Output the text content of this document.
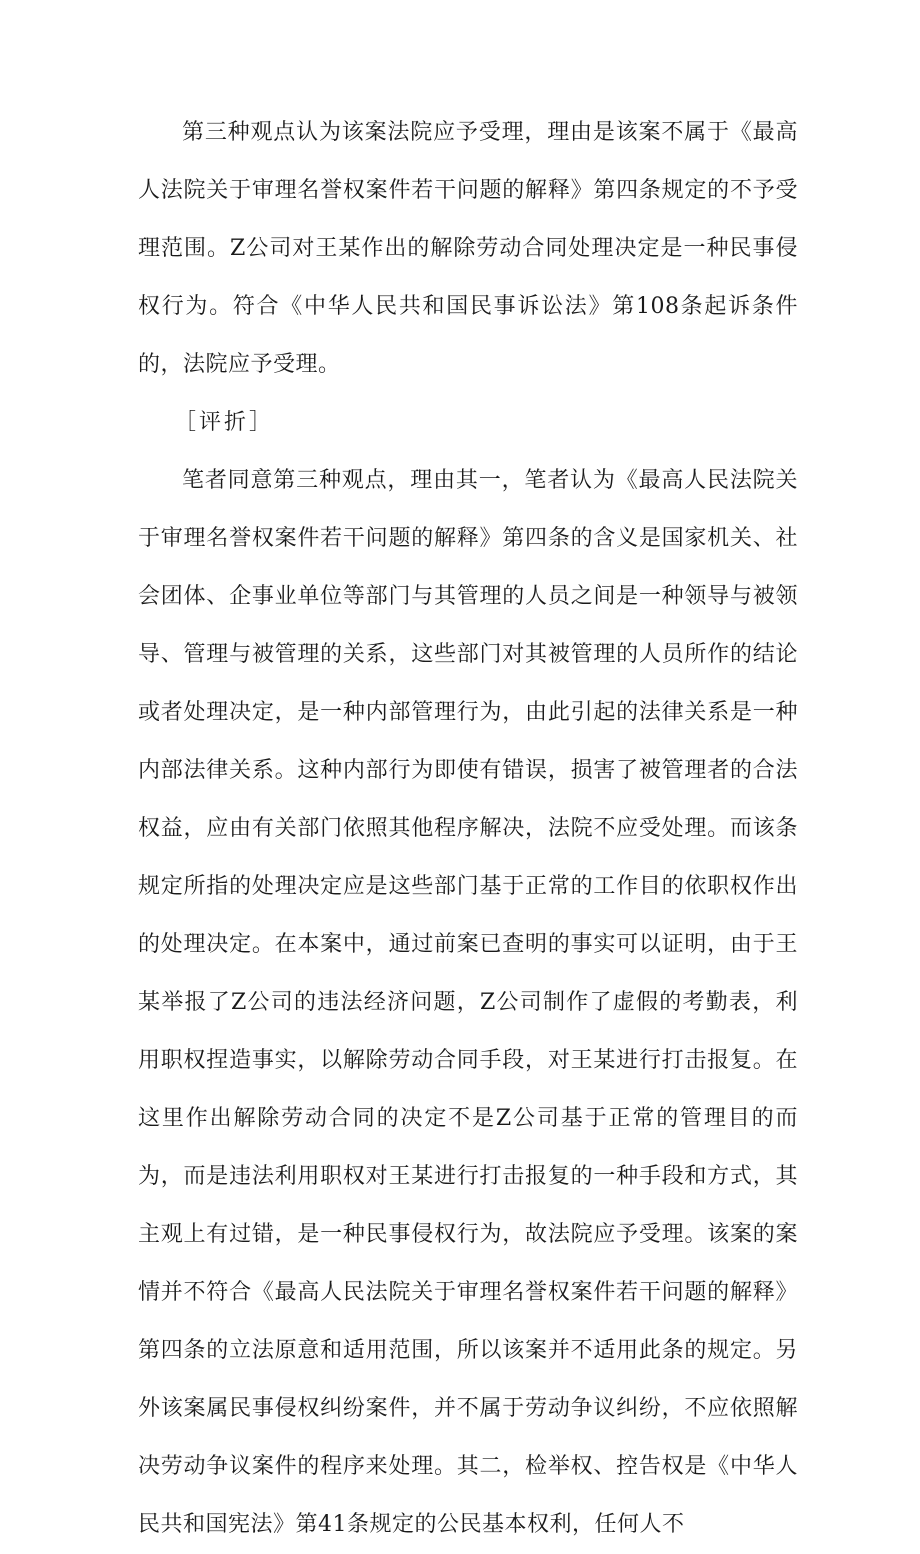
第三种观点认为该案法院应予受理，理由是该案不属于《最高人法院关于审理名誉权案件若干问题的解释》第四条规定的不予受理范围。Z公司对王某作出的解除劳动合同处理决定是一种民事侵权行为。符合《中华人民共和国民事诉讼法》第108条起诉条件的，法院应予受理。

［评折］

笔者同意第三种观点，理由其一，笔者认为《最高人民法院关于审理名誉权案件若干问题的解释》第四条的含义是国家机关、社会团体、企事业单位等部门与其管理的人员之间是一种领导与被领导、管理与被管理的关系，这些部门对其被管理的人员所作的结论或者处理决定，是一种内部管理行为，由此引起的法律关系是一种内部法律关系。这种内部行为即使有错误，损害了被管理者的合法权益，应由有关部门依照其他程序解决，法院不应受处理。而该条规定所指的处理决定应是这些部门基于正常的工作目的依职权作出的处理决定。在本案中，通过前案已查明的事实可以证明，由于王某举报了Z公司的违法经济问题，Z公司制作了虚假的考勤表，利用职权捏造事实，以解除劳动合同手段，对王某进行打击报复。在这里作出解除劳动合同的决定不是Z公司基于正常的管理目的而为，而是违法利用职权对王某进行打击报复的一种手段和方式，其主观上有过错，是一种民事侵权行为，故法院应予受理。该案的案情并不符合《最高人民法院关于审理名誉权案件若干问题的解释》第四条的立法原意和适用范围，所以该案并不适用此条的规定。另外该案属民事侵权纠纷案件，并不属于劳动争议纠纷，不应依照解决劳动争议案件的程序来处理。其二，检举权、控告权是《中华人民共和国宪法》第41条规定的公民基本权利，任何人不
